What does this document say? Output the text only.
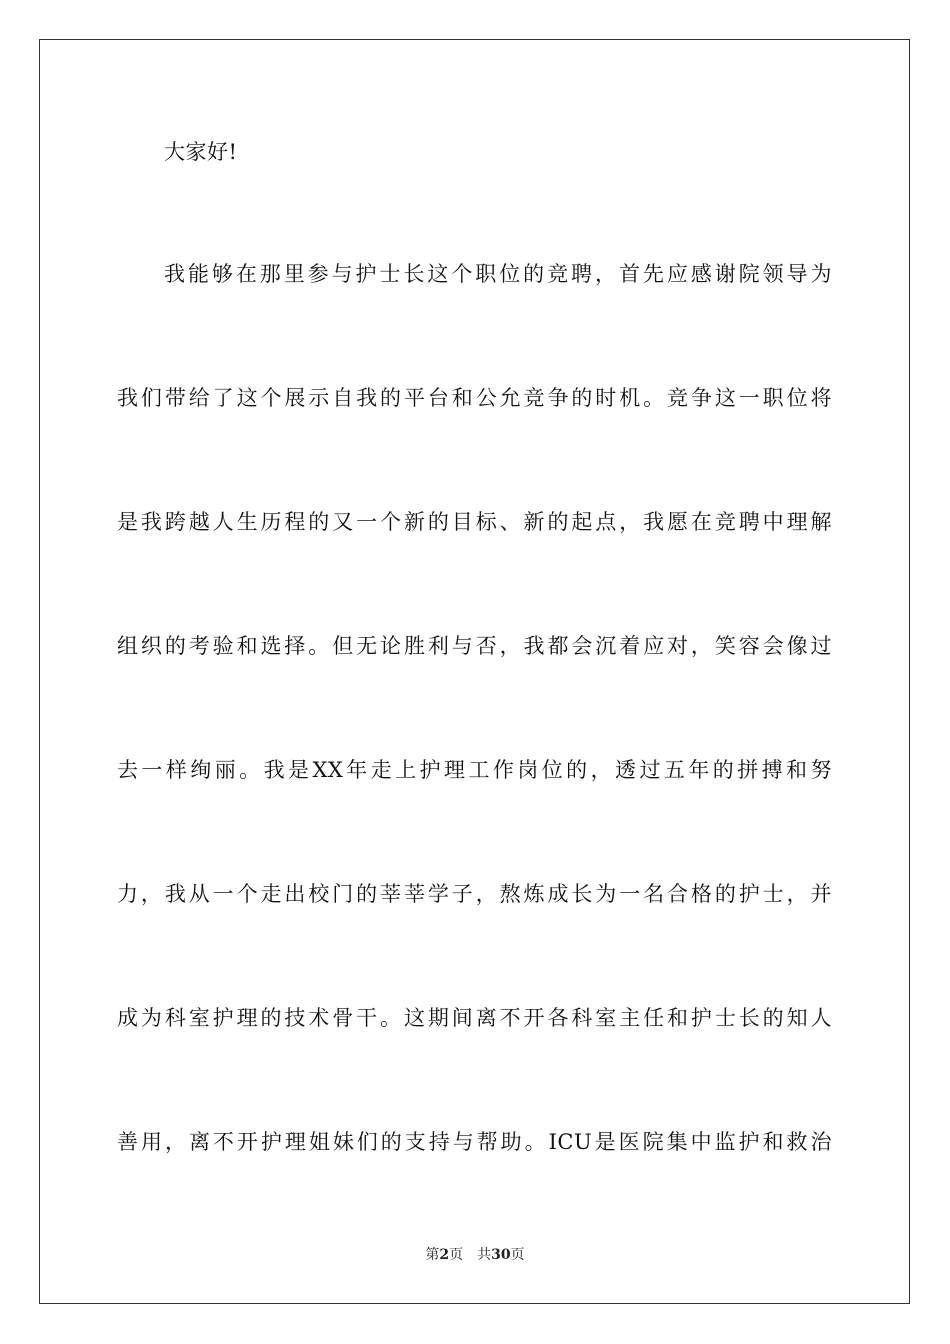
大家好!
我能够在那里参与护士长这个职位的竞聘，首先应感谢院领导为
我们带给了这个展示自我的平台和公允竞争的时机。竞争这一职位将
是我跨越人生历程的又一个新的目标、新的起点，我愿在竞聘中理解
组织的考验和选择。但无论胜利与否，我都会沉着应对，笑容会像过
去一样绚丽。我是XX年走上护理工作岗位的，透过五年的拼搏和努
力，我从一个走出校门的莘莘学子，熬炼成长为一名合格的护士，并
成为科室护理的技术骨干。这期间离不开各科室主任和护士长的知人
善用，离不开护理姐妹们的支持与帮助。ICU是医院集中监护和救治
第2页 共30页
